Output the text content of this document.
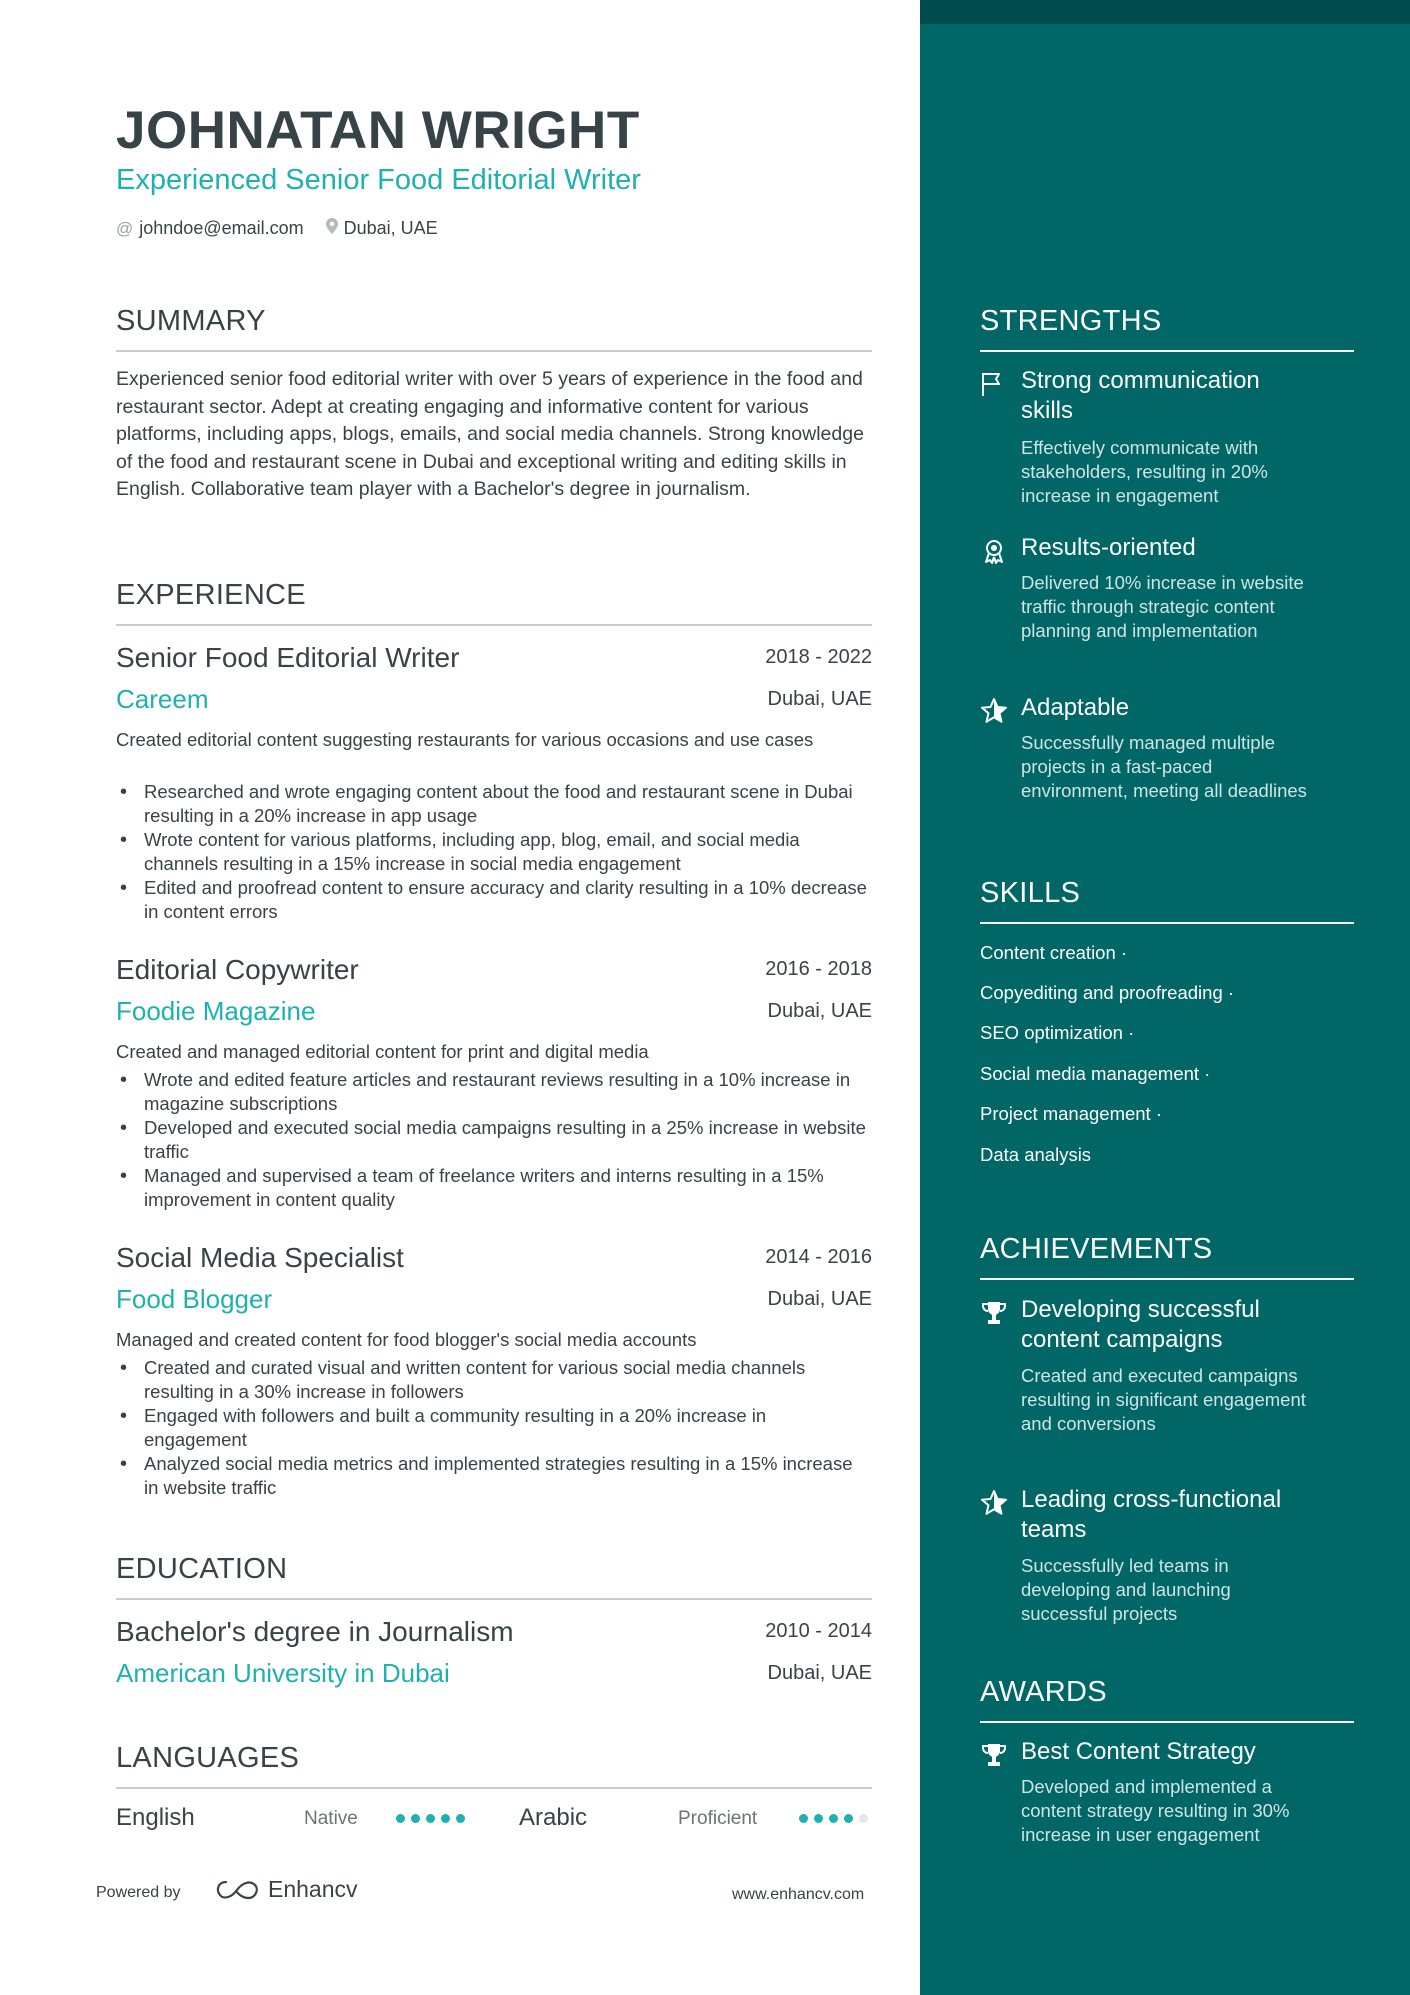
JOHNATAN WRIGHT
Experienced Senior Food Editorial Writer
@ johndoe@email.com Dubai, UAE
SUMMARY
Experienced senior food editorial writer with over 5 years of experience in the food and restaurant sector. Adept at creating engaging and informative content for various platforms, including apps, blogs, emails, and social media channels. Strong knowledge of the food and restaurant scene in Dubai and exceptional writing and editing skills in English. Collaborative team player with a Bachelor's degree in journalism.
EXPERIENCE
Senior Food Editorial Writer	2018 - 2022
Careem	Dubai, UAE
Created editorial content suggesting restaurants for various occasions and use cases
• Researched and wrote engaging content about the food and restaurant scene in Dubai resulting in a 20% increase in app usage
• Wrote content for various platforms, including app, blog, email, and social media channels resulting in a 15% increase in social media engagement
• Edited and proofread content to ensure accuracy and clarity resulting in a 10% decrease in content errors
Editorial Copywriter	2016 - 2018
Foodie Magazine	Dubai, UAE
Created and managed editorial content for print and digital media
• Wrote and edited feature articles and restaurant reviews resulting in a 10% increase in magazine subscriptions
• Developed and executed social media campaigns resulting in a 25% increase in website traffic
• Managed and supervised a team of freelance writers and interns resulting in a 15% improvement in content quality
Social Media Specialist	2014 - 2016
Food Blogger	Dubai, UAE
Managed and created content for food blogger's social media accounts
• Created and curated visual and written content for various social media channels resulting in a 30% increase in followers
• Engaged with followers and built a community resulting in a 20% increase in engagement
• Analyzed social media metrics and implemented strategies resulting in a 15% increase in website traffic
EDUCATION
Bachelor's degree in Journalism	2010 - 2014
American University in Dubai	Dubai, UAE
LANGUAGES
English	Native	Arabic	Proficient
Powered by	Enhancv	www.enhancv.com
STRENGTHS
Strong communication skills
Effectively communicate with stakeholders, resulting in 20% increase in engagement
Results-oriented
Delivered 10% increase in website traffic through strategic content planning and implementation
Adaptable
Successfully managed multiple projects in a fast-paced environment, meeting all deadlines
SKILLS
Content creation ·
Copyediting and proofreading ·
SEO optimization ·
Social media management ·
Project management ·
Data analysis
ACHIEVEMENTS
Developing successful content campaigns
Created and executed campaigns resulting in significant engagement and conversions
Leading cross-functional teams
Successfully led teams in developing and launching successful projects
AWARDS
Best Content Strategy
Developed and implemented a content strategy resulting in 30% increase in user engagement
